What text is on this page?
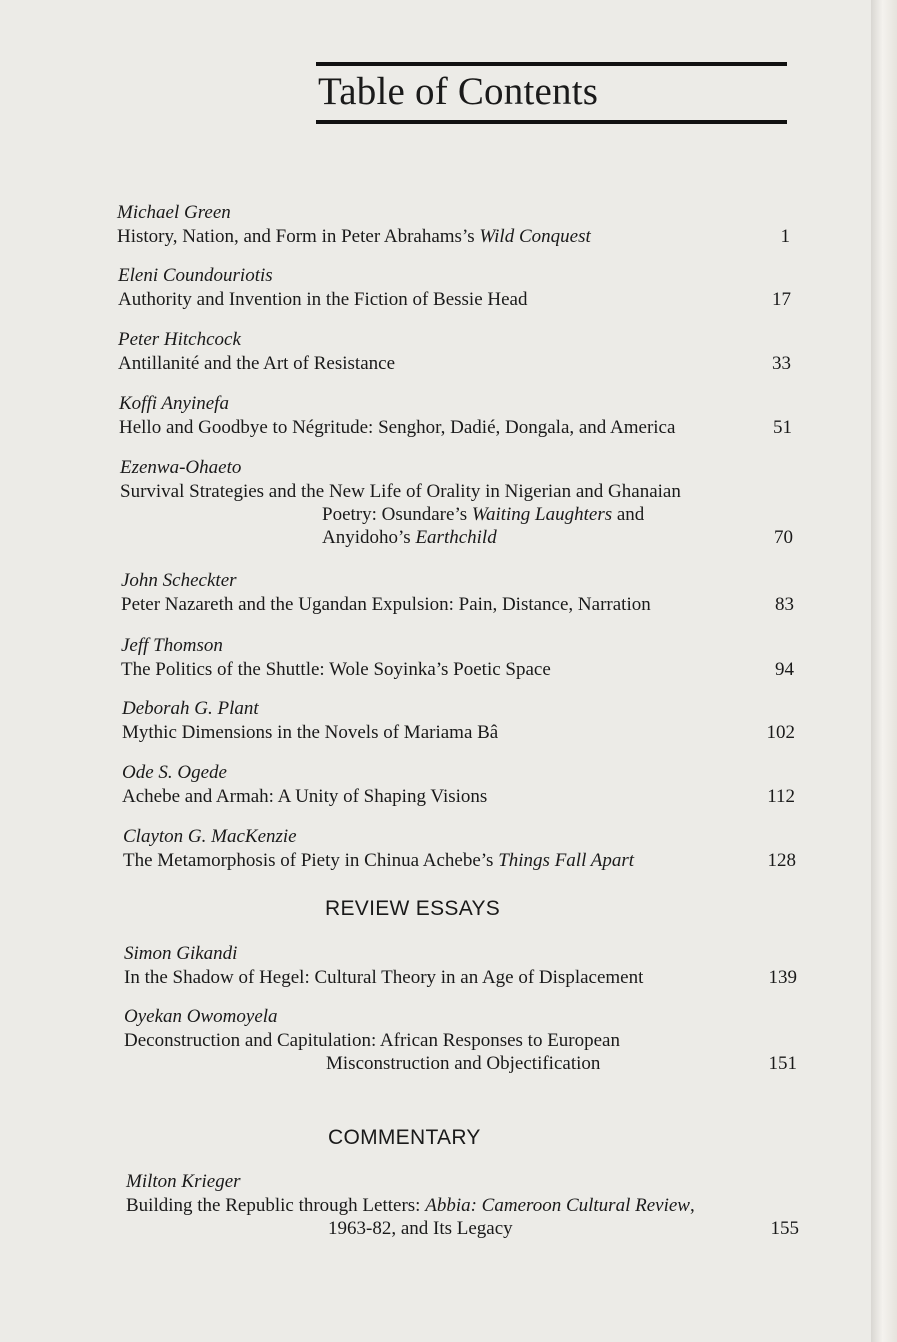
Table of Contents
Michael Green
History, Nation, and Form in Peter Abrahams’s Wild Conquest	1
Eleni Coundouriotis
Authority and Invention in the Fiction of Bessie Head	17
Peter Hitchcock
Antillanité and the Art of Resistance	33
Koffi Anyinefa
Hello and Goodbye to Négritude: Senghor, Dadié, Dongala, and America	51
Ezenwa-Ohaeto
Survival Strategies and the New Life of Orality in Nigerian and Ghanaian
Poetry: Osundare’s Waiting Laughters and
Anyidoho’s Earthchild	70
John Scheckter
Peter Nazareth and the Ugandan Expulsion: Pain, Distance, Narration	83
Jeff Thomson
The Politics of the Shuttle: Wole Soyinka’s Poetic Space	94
Deborah G. Plant
Mythic Dimensions in the Novels of Mariama Bâ	102
Ode S. Ogede
Achebe and Armah: A Unity of Shaping Visions	112
Clayton G. MacKenzie
The Metamorphosis of Piety in Chinua Achebe’s Things Fall Apart	128
REVIEW ESSAYS
Simon Gikandi
In the Shadow of Hegel: Cultural Theory in an Age of Displacement	139
Oyekan Owomoyela
Deconstruction and Capitulation: African Responses to European
Misconstruction and Objectification	151
COMMENTARY
Milton Krieger
Building the Republic through Letters: Abbia: Cameroon Cultural Review,
1963-82, and Its Legacy	155
